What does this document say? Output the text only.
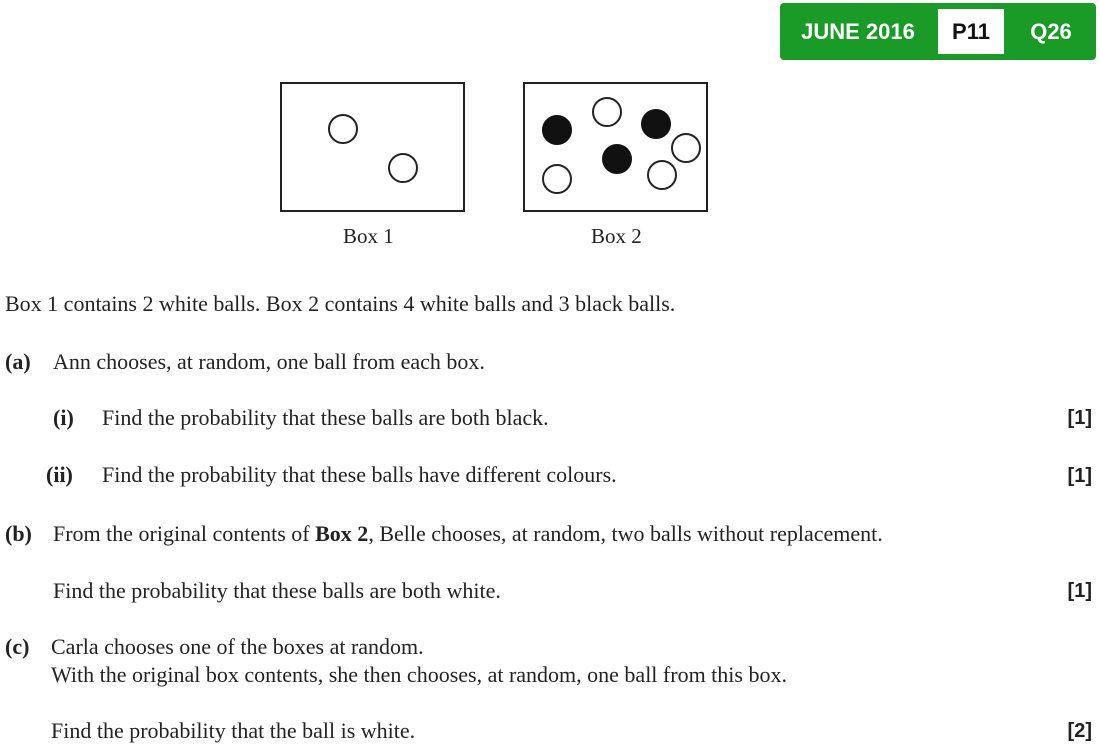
JUNE 2016	P11	Q26
Box 1	Box 2
Box 1 contains 2 white balls. Box 2 contains 4 white balls and 3 black balls.
(a) Ann chooses, at random, one ball from each box.
(i) Find the probability that these balls are both black.	[1]
(ii) Find the probability that these balls have different colours.	[1]
(b) From the original contents of Box 2, Belle chooses, at random, two balls without replacement.
Find the probability that these balls are both white.	[1]
(c) Carla chooses one of the boxes at random.
With the original box contents, she then chooses, at random, one ball from this box.
Find the probability that the ball is white.	[2]
